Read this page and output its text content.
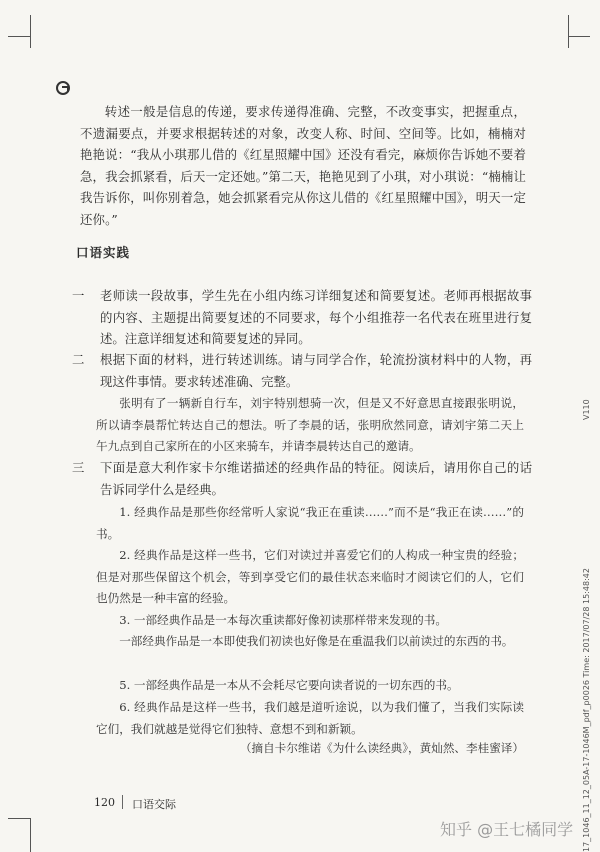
转述一般是信息的传递，要求传递得准确、完整，不改变事实，把握重点，不遗漏要点，并要求根据转述的对象，改变人称、时间、空间等。比如，楠楠对艳艳说：“我从小琪那儿借的《红星照耀中国》还没有看完，麻烦你告诉她不要着急，我会抓紧看，后天一定还她。”第二天，艳艳见到了小琪，对小琪说：“楠楠让我告诉你，叫你别着急，她会抓紧看完从你这儿借的《红星照耀中国》，明天一定还你。”

口语实践
一 老师读一段故事，学生先在小组内练习详细复述和简要复述。老师再根据故事的内容、主题提出简要复述的不同要求，每个小组推荐一名代表在班里进行复述。注意详细复述和简要复述的异同。
二 根据下面的材料，进行转述训练。请与同学合作，轮流扮演材料中的人物，再现这件事情。要求转述准确、完整。

张明有了一辆新自行车，刘宇特别想骑一次，但是又不好意思直接跟张明说，所以请李晨帮忙转达自己的想法。听了李晨的话，张明欣然同意，请刘宇第二天上午九点到自己家所在的小区来骑车，并请李晨转达自己的邀请。

三 下面是意大利作家卡尔维诺描述的经典作品的特征。阅读后，请用你自己的话告诉同学什么是经典。

1. 经典作品是那些你经常听人家说“我正在重读……”而不是“我正在读……”的书。

2. 经典作品是这样一些书，它们对读过并喜爱它们的人构成一种宝贵的经验；但是对那些保留这个机会，等到享受它们的最佳状态来临时才阅读它们的人，它们也仍然是一种丰富的经验。

3. 一部经典作品是一本每次重读都好像初读那样带来发现的书。

一部经典作品是一本即使我们初读也好像是在重温我们以前读过的东西的书。

5. 一部经典作品是一本从不会耗尽它要向读者说的一切东西的书。

6. 经典作品是这样一些书，我们越是道听途说，以为我们懂了，当我们实际读它们，我们就越是觉得它们独特、意想不到和新颖。

（摘自卡尔维诺《为什么读经典》，黄灿然、李桂蜜译）
120 口语交际
V110
17_1046_11_12_05A-17-1046M_pdf_p0026 Time: 2017/07/28 15:48:42
知乎 @王七橘同学
